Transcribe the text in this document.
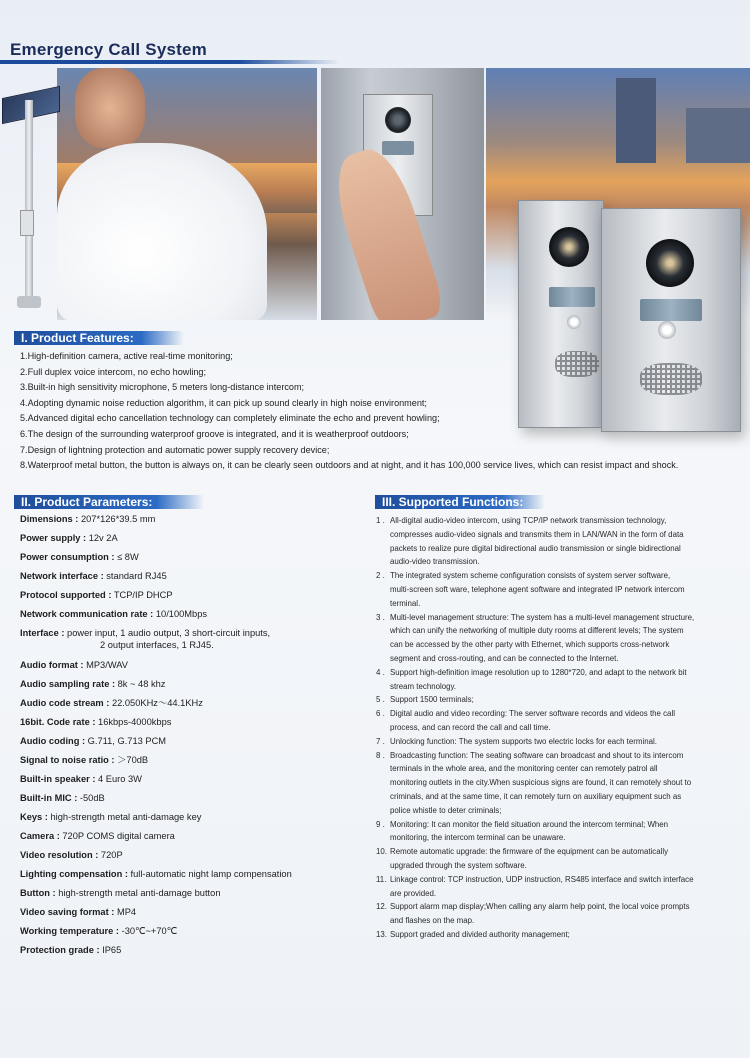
Emergency Call System
I. Product Features:
1.High-definition camera, active real-time monitoring;
2.Full duplex voice intercom, no echo howling;
3.Built-in high sensitivity microphone, 5 meters long-distance intercom;
4.Adopting dynamic noise reduction algorithm, it can pick up sound clearly in high noise environment;
5.Advanced digital echo cancellation technology can completely eliminate the echo and prevent howling;
6.The design of the surrounding waterproof groove is integrated, and it is weatherproof outdoors;
7.Design of lightning protection and automatic power supply recovery device;
8.Waterproof metal button, the button is always on, it can be clearly seen outdoors and at night, and it has 100,000 service lives, which can resist impact and shock.
II. Product Parameters:
Dimensions : 207*126*39.5 mm
Power supply : 12v 2A
Power consumption : ≤ 8W
Network interface : standard RJ45
Protocol supported : TCP/IP DHCP
Network communication rate : 10/100Mbps
Interface : power input, 1 audio output, 3 short-circuit inputs,
2 output interfaces, 1 RJ45.
Audio format : MP3/WAV
Audio sampling rate : 8k ~ 48 khz
Audio code stream : 22.050KHz～44.1KHz
16bit. Code rate : 16kbps-4000kbps
Audio coding : G.711, G.713 PCM
Signal to noise ratio : ＞70dB
Built-in speaker : 4 Euro 3W
Built-in MIC : -50dB
Keys : high-strength metal anti-damage key
Camera : 720P COMS digital camera
Video resolution : 720P
Lighting compensation : full-automatic night lamp compensation
Button : high-strength metal anti-damage button
Video saving format : MP4
Working temperature : -30℃~+70℃
Protection grade : IP65
III. Supported Functions:
1 . All-digital audio-video intercom, using TCP/IP network transmission technology,
compresses audio-video signals and transmits them in LAN/WAN in the form of data
packets to realize pure digital bidirectional audio transmission or single bidirectional
audio-video transmission.
2 . The integrated system scheme configuration consists of system server software,
multi-screen soft ware, telephone agent software and integrated IP network intercom
terminal.
3 . Multi-level management structure: The system has a multi-level management structure,
which can unify the networking of multiple duty rooms at different levels; The system
can be accessed by the other party with Ethernet, which supports cross-network
segment and cross-routing, and can be connected to the Internet.
4 . Support high-definition image resolution up to 1280*720, and adapt to the network bit
stream technology.
5 . Support 1500 terminals;
6 . Digital audio and video recording: The server software records and videos the call
process, and can record the call and call time.
7 . Unlocking function: The system supports two electric locks for each terminal.
8 . Broadcasting function: The seating software can broadcast and shout to its intercom
terminals in the whole area, and the monitoring center can remotely patrol all
monitoring outlets in the city.When suspicious signs are found, it can remotely shout to
criminals, and at the same time, it can remotely turn on auxiliary equipment such as
police whistle to deter criminals;
9 . Monitoring: It can monitor the field situation around the intercom terminal; When
monitoring, the intercom terminal can be unaware.
10. Remote automatic upgrade: the firmware of the equipment can be automatically
upgraded through the system software.
11. Linkage control: TCP instruction, UDP instruction, RS485 interface and switch interface
are provided.
12. Support alarm map display;When calling any alarm help point, the local voice prompts
and flashes on the map.
13. Support graded and divided authority management;
